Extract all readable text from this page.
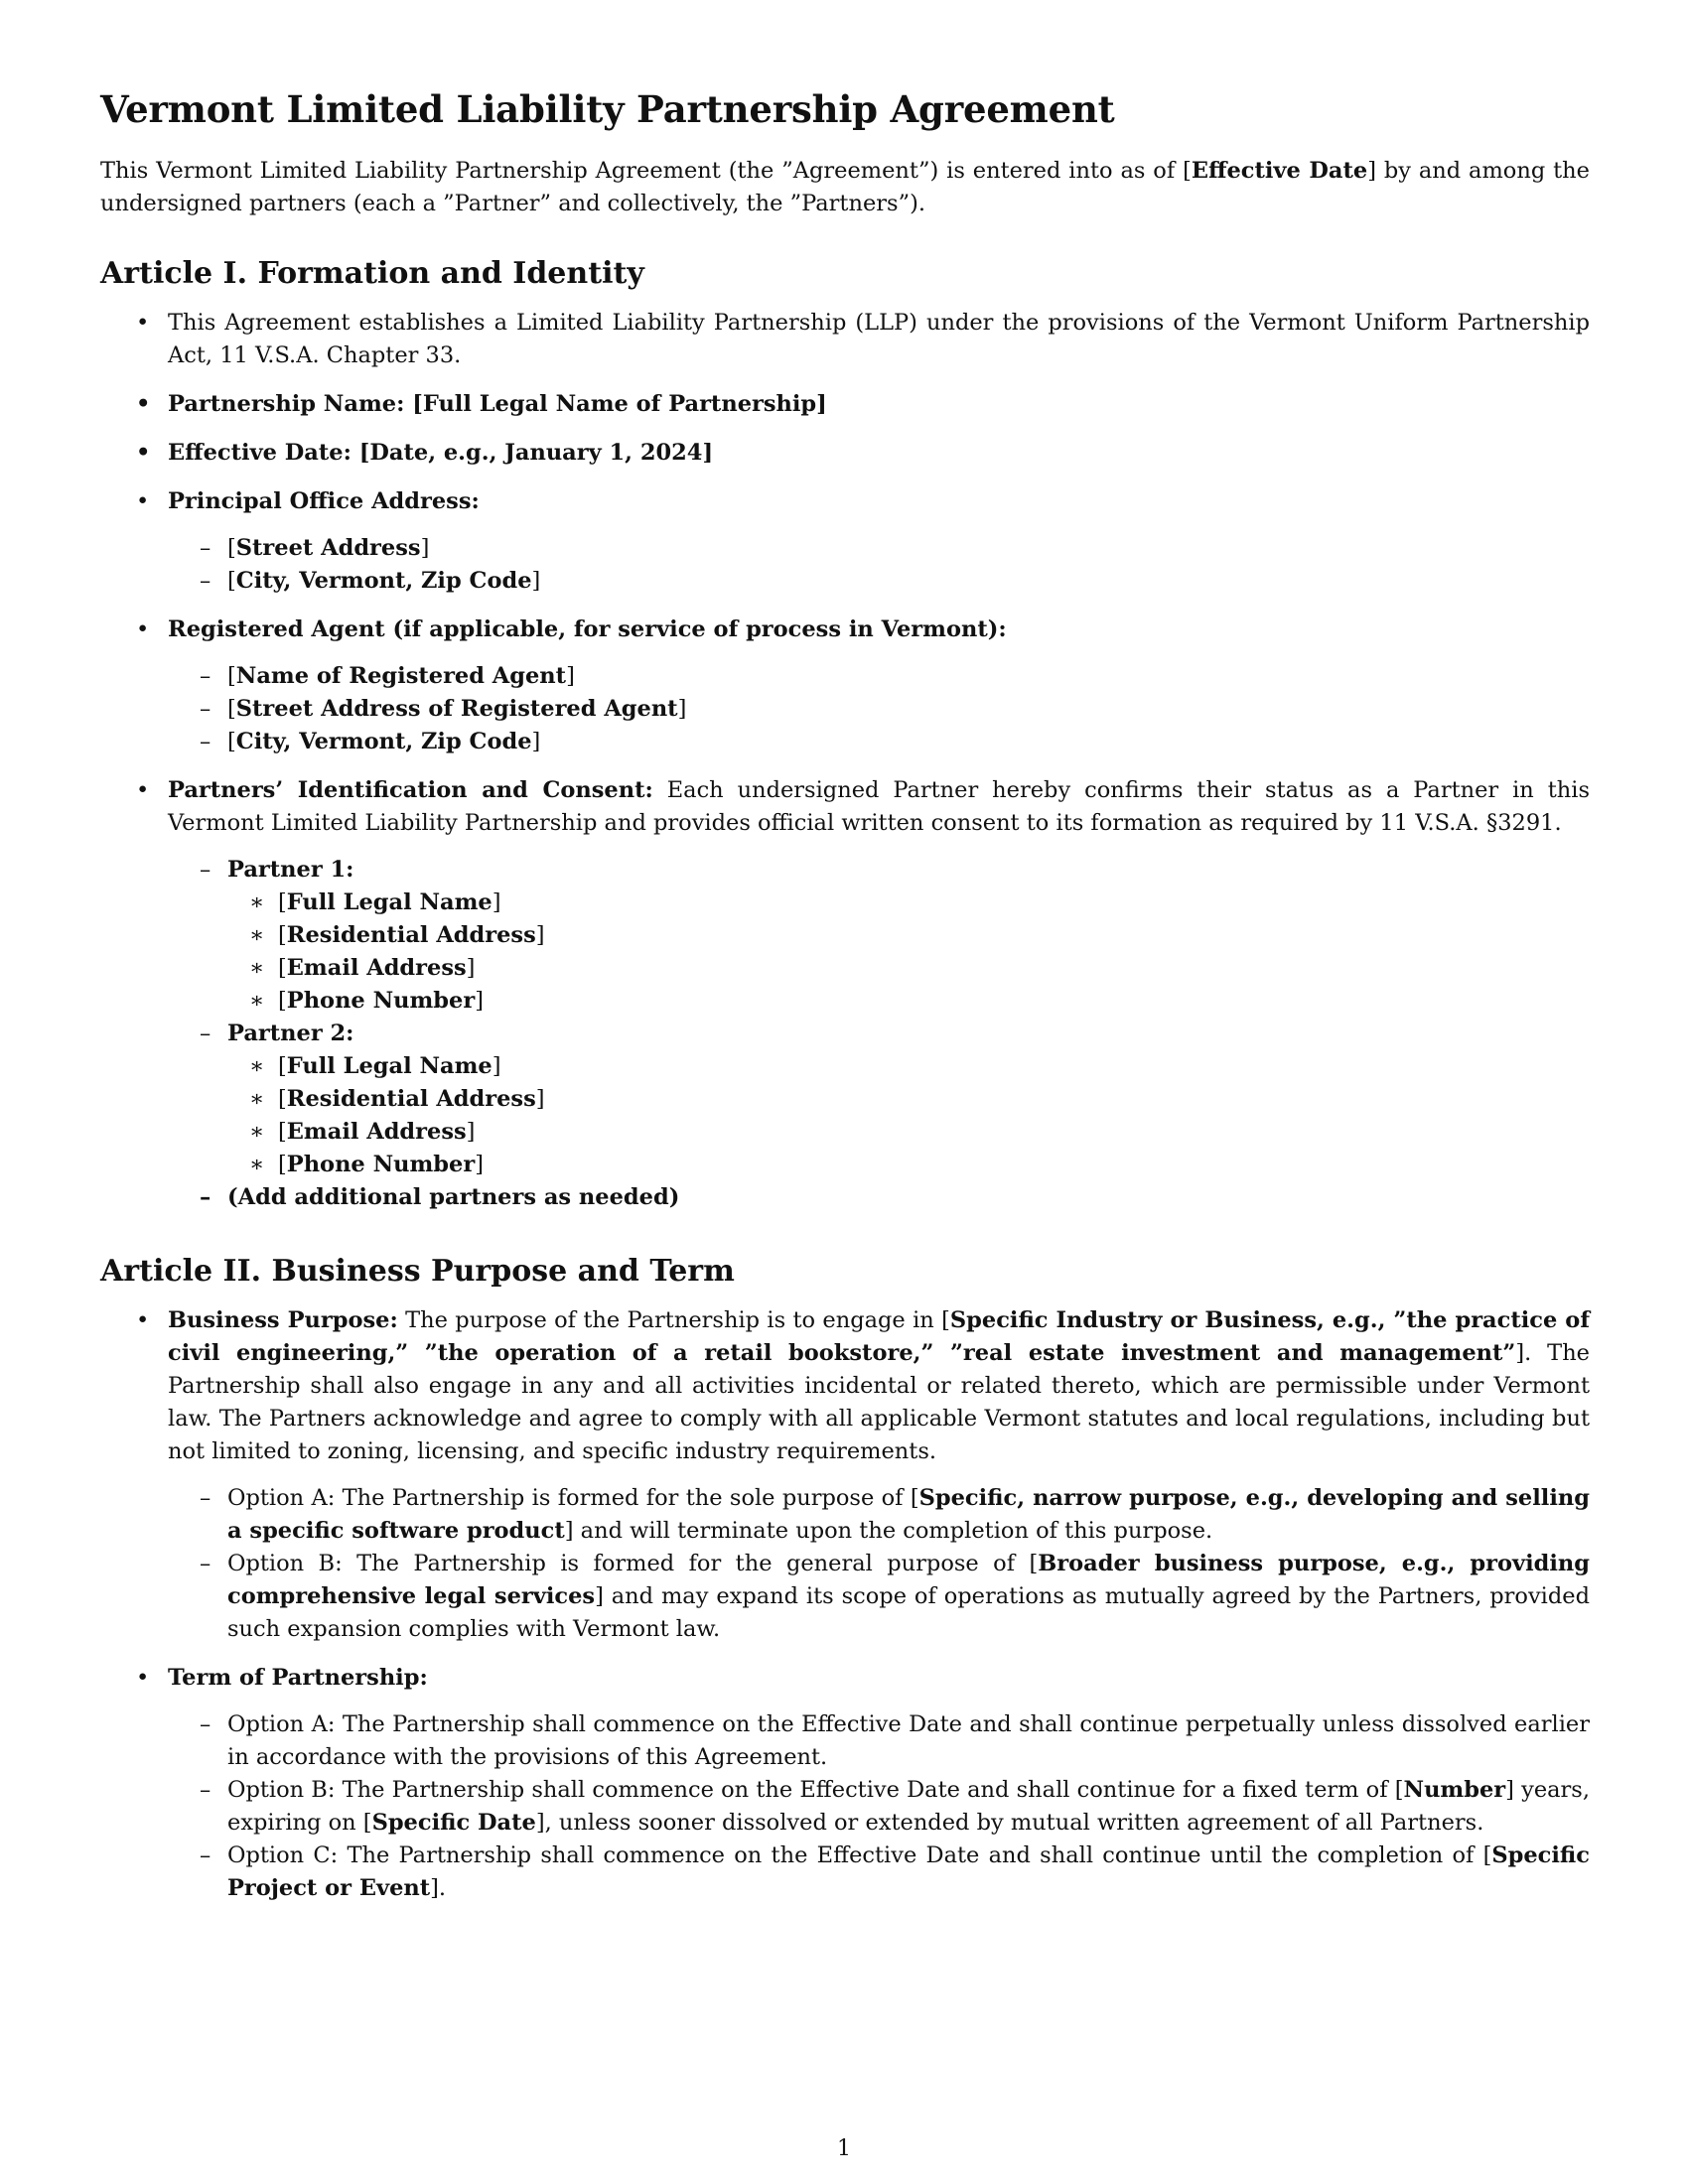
Vermont Limited Liability Partnership Agreement

This Vermont Limited Liability Partnership Agreement (the ”Agreement”) is entered into as of [Effective Date] by and among the undersigned partners (each a ”Partner” and collectively, the ”Partners”).

Article I. Formation and Identity
• This Agreement establishes a Limited Liability Partnership (LLP) under the provisions of the Vermont Uniform Partnership Act, 11 V.S.A. Chapter 33.
• Partnership Name: [Full Legal Name of Partnership]
• Effective Date: [Date, e.g., January 1, 2024]
• Principal Office Address:
– [Street Address]
– [City, Vermont, Zip Code]
• Registered Agent (if applicable, for service of process in Vermont):
– [Name of Registered Agent]
– [Street Address of Registered Agent]
– [City, Vermont, Zip Code]
• Partners’ Identification and Consent: Each undersigned Partner hereby confirms their status as a Partner in this Vermont Limited Liability Partnership and provides official written consent to its formation as required by 11 V.S.A. §3291.
– Partner 1:
∗ [Full Legal Name]
∗ [Residential Address]
∗ [Email Address]
∗ [Phone Number]
– Partner 2:
∗ [Full Legal Name]
∗ [Residential Address]
∗ [Email Address]
∗ [Phone Number]
– (Add additional partners as needed)
Article II. Business Purpose and Term
• Business Purpose: The purpose of the Partnership is to engage in [Specific Industry or Business, e.g., ”the practice of civil engineering,” ”the operation of a retail bookstore,” ”real estate investment and management”]. The Partnership shall also engage in any and all activities incidental or related thereto, which are permissible under Vermont law. The Partners acknowledge and agree to comply with all applicable Vermont statutes and local regulations, including but not limited to zoning, licensing, and specific industry requirements.
– Option A: The Partnership is formed for the sole purpose of [Specific, narrow purpose, e.g., developing and selling a specific software product] and will terminate upon the completion of this purpose.
– Option B: The Partnership is formed for the general purpose of [Broader business purpose, e.g., providing comprehensive legal services] and may expand its scope of operations as mutually agreed by the Partners, provided such expansion complies with Vermont law.
• Term of Partnership:
– Option A: The Partnership shall commence on the Effective Date and shall continue perpetually unless dissolved earlier in accordance with the provisions of this Agreement.
– Option B: The Partnership shall commence on the Effective Date and shall continue for a fixed term of [Number] years, expiring on [Specific Date], unless sooner dissolved or extended by mutual written agreement of all Partners.
– Option C: The Partnership shall commence on the Effective Date and shall continue until the completion of [Specific Project or Event].
1
